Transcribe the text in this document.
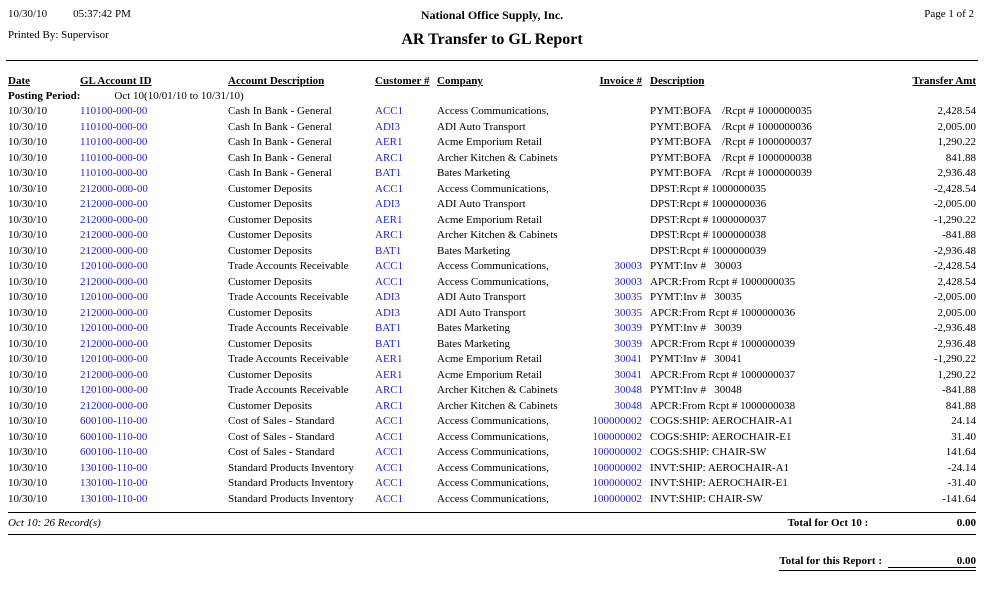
10/30/10 05:37:42 PM
Printed By: Supervisor
National Office Supply, Inc.
AR Transfer to GL Report
Page 1 of 2
Date	GL Account ID	Account Description	Customer #	Company	Invoice #	Description	Transfer Amt
Posting Period: Oct 10(10/01/10 to 10/31/10)							
10/30/10	110100-000-00	Cash In Bank - General	ACC1	Access Communications,		PYMT:BOFA    /Rcpt # 1000000035	2,428.54
10/30/10	110100-000-00	Cash In Bank - General	ADI3	ADI Auto Transport		PYMT:BOFA    /Rcpt # 1000000036	2,005.00
10/30/10	110100-000-00	Cash In Bank - General	AER1	Acme Emporium Retail		PYMT:BOFA    /Rcpt # 1000000037	1,290.22
10/30/10	110100-000-00	Cash In Bank - General	ARC1	Archer Kitchen & Cabinets		PYMT:BOFA    /Rcpt # 1000000038	841.88
10/30/10	110100-000-00	Cash In Bank - General	BAT1	Bates Marketing		PYMT:BOFA    /Rcpt # 1000000039	2,936.48
10/30/10	212000-000-00	Customer Deposits	ACC1	Access Communications,		DPST:Rcpt # 1000000035	-2,428.54
10/30/10	212000-000-00	Customer Deposits	ADI3	ADI Auto Transport		DPST:Rcpt # 1000000036	-2,005.00
10/30/10	212000-000-00	Customer Deposits	AER1	Acme Emporium Retail		DPST:Rcpt # 1000000037	-1,290.22
10/30/10	212000-000-00	Customer Deposits	ARC1	Archer Kitchen & Cabinets		DPST:Rcpt # 1000000038	-841.88
10/30/10	212000-000-00	Customer Deposits	BAT1	Bates Marketing		DPST:Rcpt # 1000000039	-2,936.48
10/30/10	120100-000-00	Trade Accounts Receivable	ACC1	Access Communications,	30003	PYMT:Inv #   30003	-2,428.54
10/30/10	212000-000-00	Customer Deposits	ACC1	Access Communications,	30003	APCR:From Rcpt # 1000000035	2,428.54
10/30/10	120100-000-00	Trade Accounts Receivable	ADI3	ADI Auto Transport	30035	PYMT:Inv #   30035	-2,005.00
10/30/10	212000-000-00	Customer Deposits	ADI3	ADI Auto Transport	30035	APCR:From Rcpt # 1000000036	2,005.00
10/30/10	120100-000-00	Trade Accounts Receivable	BAT1	Bates Marketing	30039	PYMT:Inv #   30039	-2,936.48
10/30/10	212000-000-00	Customer Deposits	BAT1	Bates Marketing	30039	APCR:From Rcpt # 1000000039	2,936.48
10/30/10	120100-000-00	Trade Accounts Receivable	AER1	Acme Emporium Retail	30041	PYMT:Inv #   30041	-1,290.22
10/30/10	212000-000-00	Customer Deposits	AER1	Acme Emporium Retail	30041	APCR:From Rcpt # 1000000037	1,290.22
10/30/10	120100-000-00	Trade Accounts Receivable	ARC1	Archer Kitchen & Cabinets	30048	PYMT:Inv #   30048	-841.88
10/30/10	212000-000-00	Customer Deposits	ARC1	Archer Kitchen & Cabinets	30048	APCR:From Rcpt # 1000000038	841.88
10/30/10	600100-110-00	Cost of Sales - Standard	ACC1	Access Communications,	100000002	COGS:SHIP: AEROCHAIR-A1	24.14
10/30/10	600100-110-00	Cost of Sales - Standard	ACC1	Access Communications,	100000002	COGS:SHIP: AEROCHAIR-E1	31.40
10/30/10	600100-110-00	Cost of Sales - Standard	ACC1	Access Communications,	100000002	COGS:SHIP: CHAIR-SW	141.64
10/30/10	130100-110-00	Standard Products Inventory	ACC1	Access Communications,	100000002	INVT:SHIP: AEROCHAIR-A1	-24.14
10/30/10	130100-110-00	Standard Products Inventory	ACC1	Access Communications,	100000002	INVT:SHIP: AEROCHAIR-E1	-31.40
10/30/10	130100-110-00	Standard Products Inventory	ACC1	Access Communications,	100000002	INVT:SHIP: CHAIR-SW	-141.64
Oct 10: 26 Record(s)	Total for Oct 10 :	0.00
Total for this Report :	0.00
